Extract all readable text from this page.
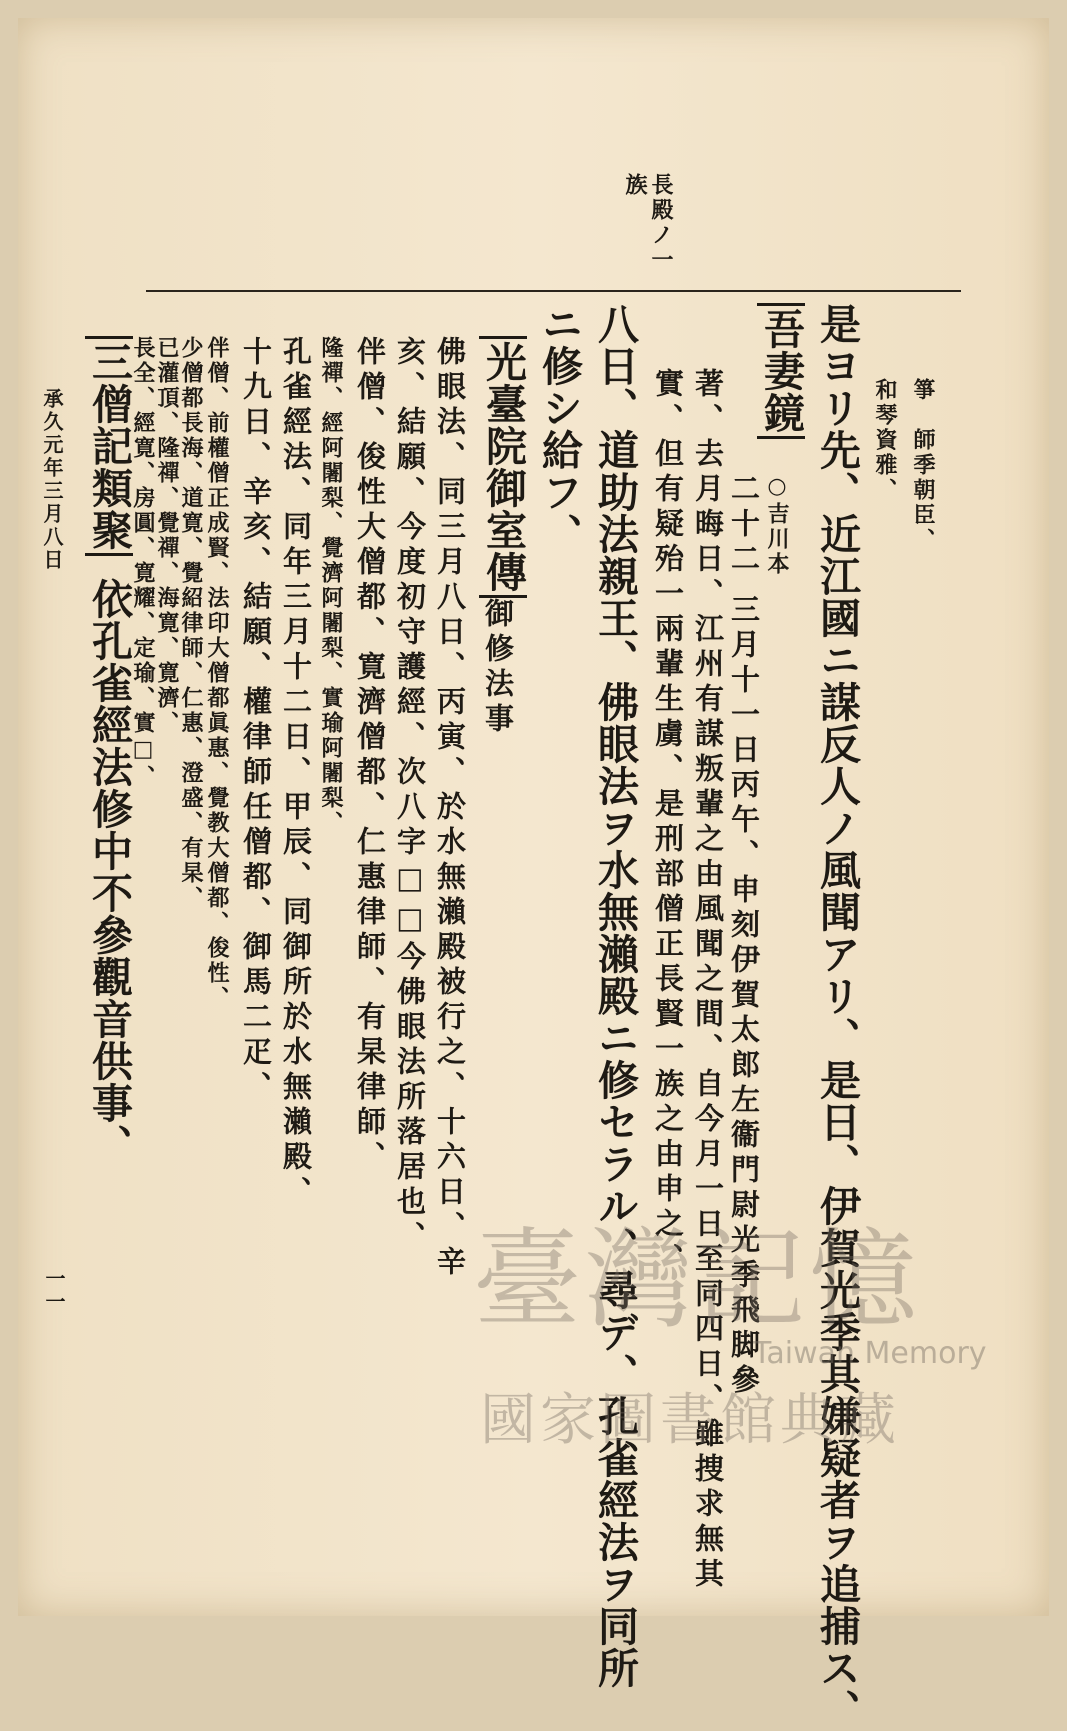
長殿ノ一
族
箏　師季朝臣、
和琴資雅、
是ヨリ先、近江國ニ謀反人ノ風聞アリ、是日、伊賀光季其嫌疑者ヲ追捕ス、
吾妻鏡
○吉川本
二十二 三月十一日丙午、申刻伊賀太郎左衞門尉光季飛脚參
著、去月晦日、江州有謀叛輩之由風聞之間、自今月一日至同四日、雖捜求無其
實、但有疑殆一兩輩生虜、是刑部僧正長賢一族之由申之、
八日、道助法親王、佛眼法ヲ水無瀨殿ニ修セラル、尋デ、孔雀經法ヲ同所
ニ修シ給フ、
光臺院御室傳
御修法事
佛眼法、同三月八日、丙寅、於水無瀨殿被行之、十六日、辛
亥、結願、今度初守護經、次八字□□今佛眼法所落居也、
伴僧、俊性大僧都、寛濟僧都、仁惠律師、有杲律師、
隆禪、經阿闍梨、覺濟阿闍梨、實瑜阿闍梨、
孔雀經法、同年三月十二日、甲辰、同御所於水無瀨殿、
十九日、辛亥、結願、權律師任僧都、御馬二疋、
伴僧、前權僧正成賢、法印大僧都眞惠、覺教大僧都、俊性、
少僧都長海、道寛、覺紹律師、仁惠、澄盛、有杲、
已灌頂、隆禪、覺禪、海寛、寛濟、
長全、經寛、房圓、寛耀、定瑜、實□、
三僧記類聚
依孔雀經法修中不參觀音供事、
承久元年三月八日
一一	臺灣記憶
Taiwan Memory
國家圖書館典藏
